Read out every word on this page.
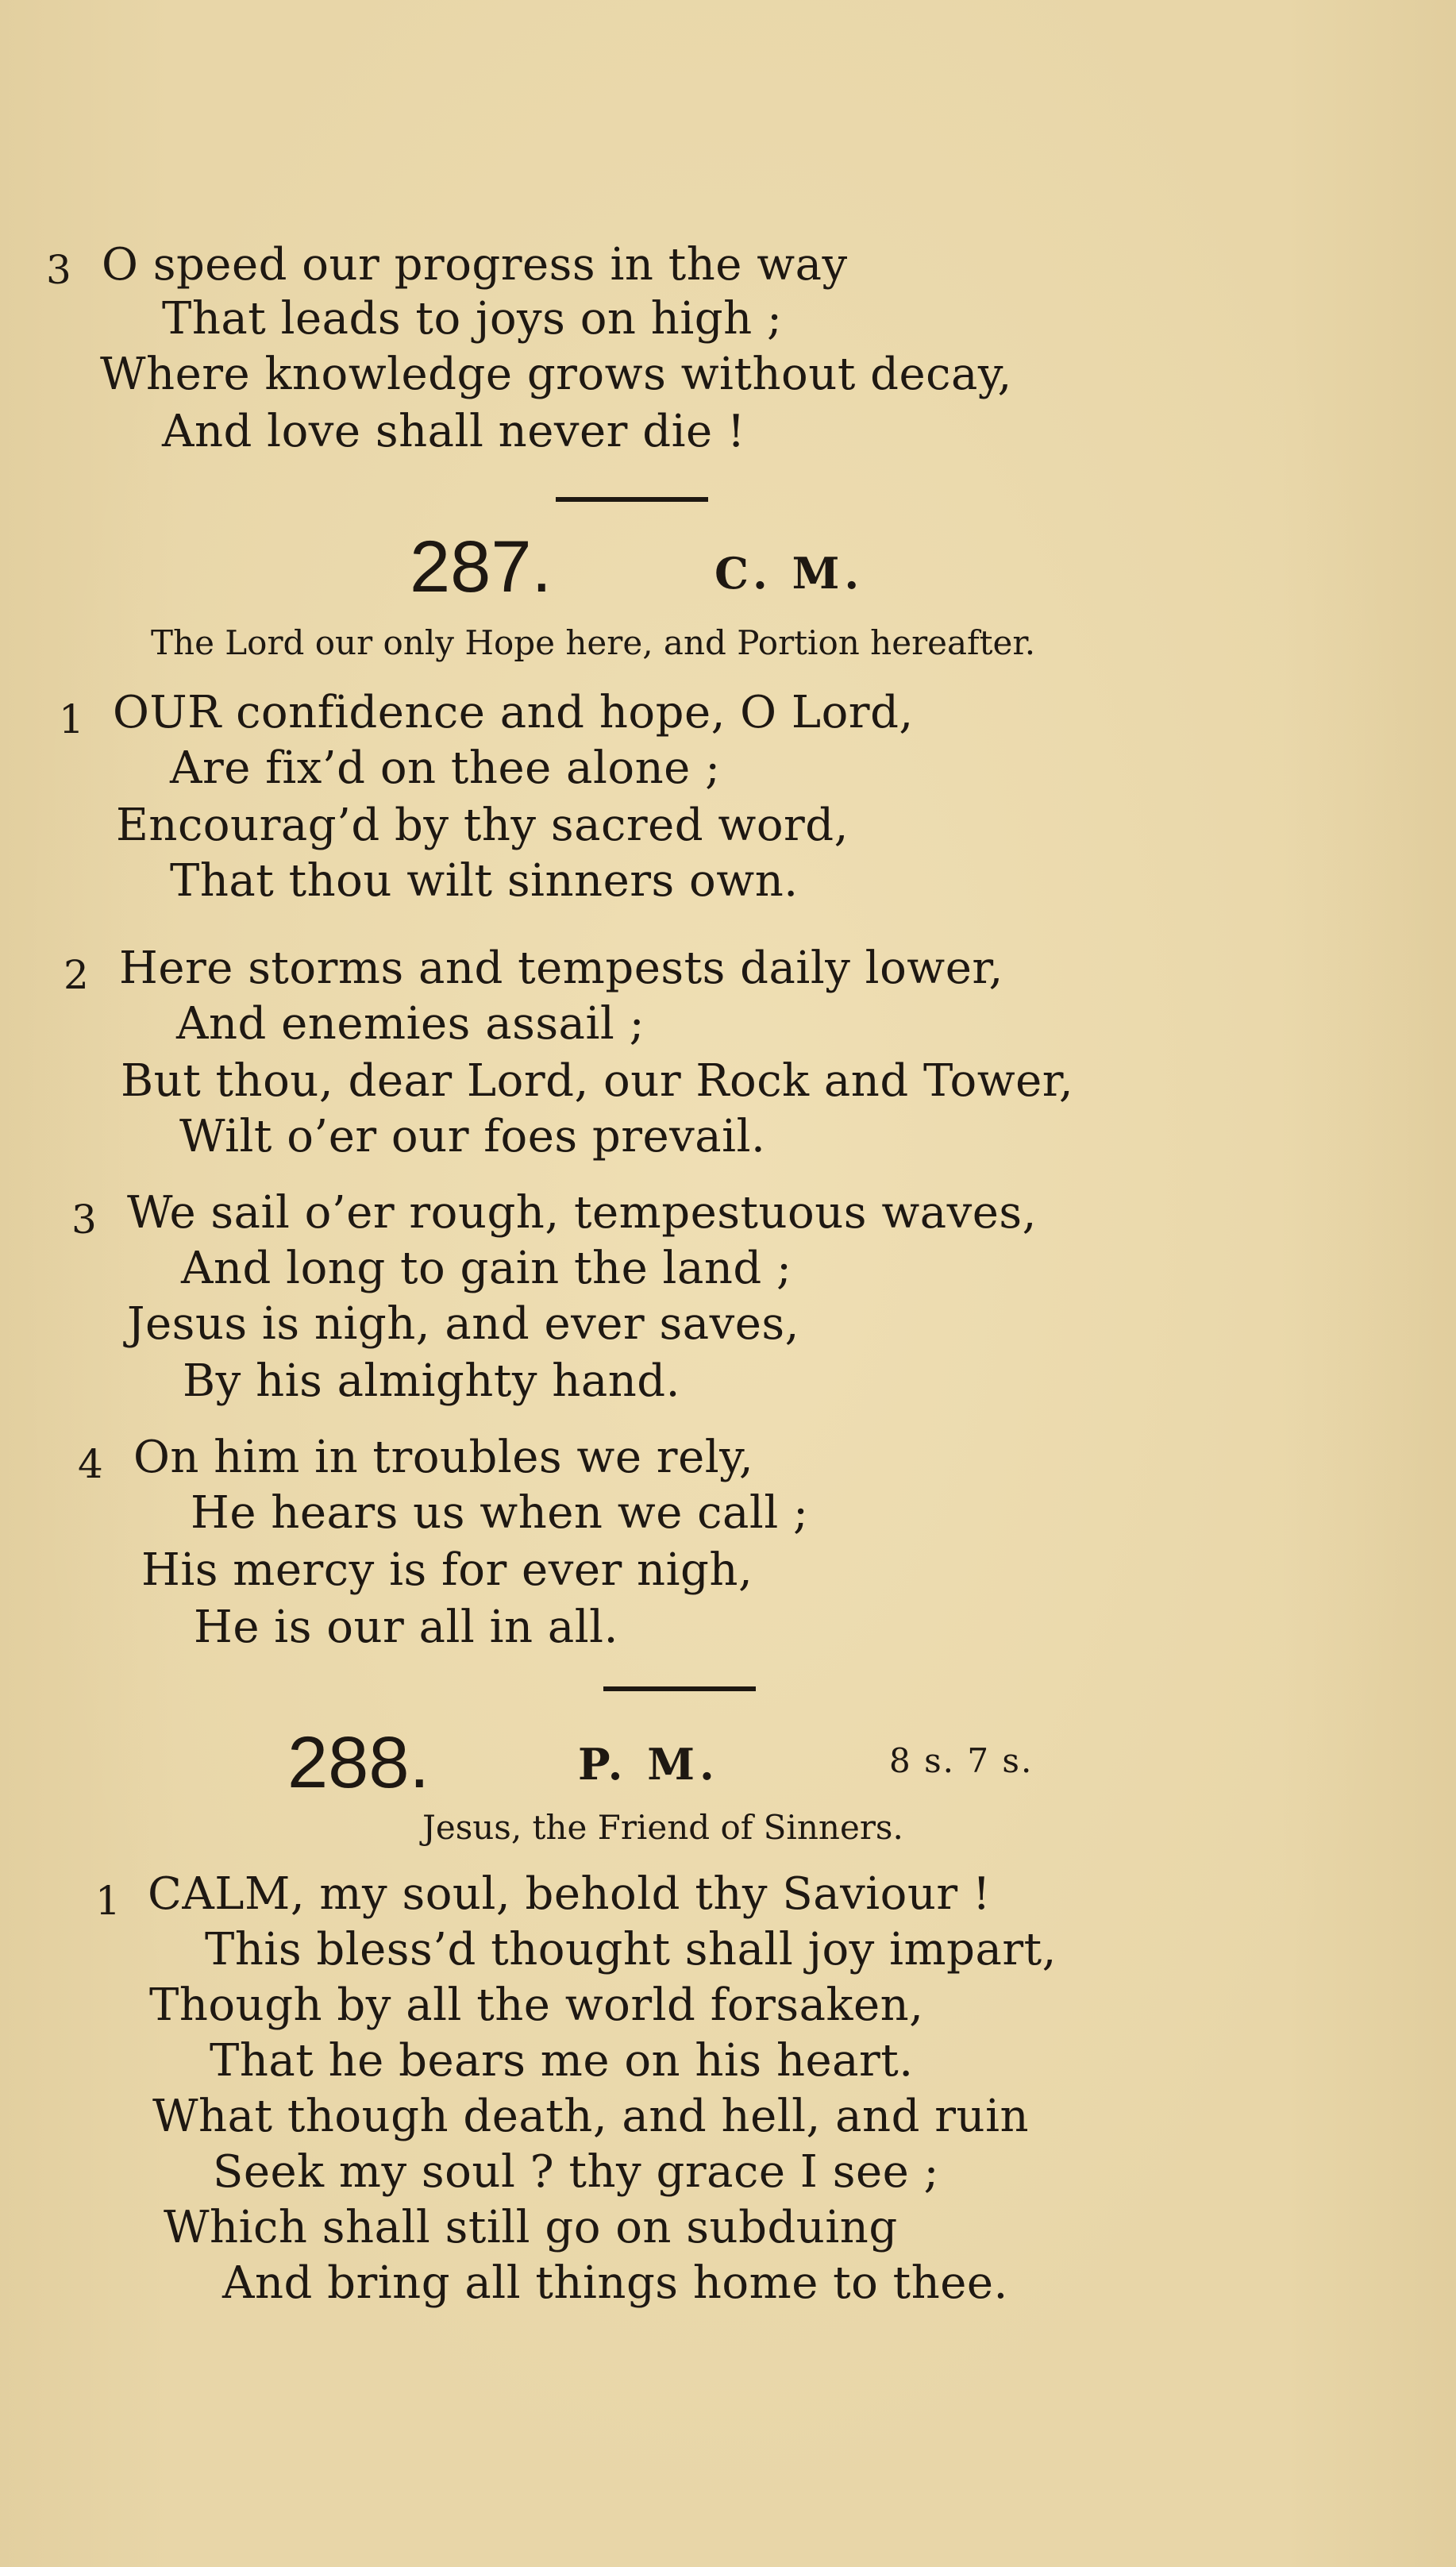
3 O speed our progress in the way
That leads to joys on high ;
Where knowledge grows without decay,
And love shall never die !
287.	C. M.
The Lord our only Hope here, and Portion hereafter.
1 OUR confidence and hope, O Lord,
Are fix’d on thee alone ;
Encourag’d by thy sacred word,
That thou wilt sinners own.
2 Here storms and tempests daily lower,
And enemies assail ;
But thou, dear Lord, our Rock and Tower,
Wilt o’er our foes prevail.
3 We sail o’er rough, tempestuous waves,
And long to gain the land ;
Jesus is nigh, and ever saves,
By his almighty hand.
4 On him in troubles we rely,
He hears us when we call ;
His mercy is for ever nigh,
He is our all in all.
288.	P. M.	8 s. 7 s.
Jesus, the Friend of Sinners.
1 CALM, my soul, behold thy Saviour !
This bless’d thought shall joy impart,
Though by all the world forsaken,
That he bears me on his heart.
What though death, and hell, and ruin
Seek my soul ? thy grace I see ;
Which shall still go on subduing
And bring all things home to thee.
